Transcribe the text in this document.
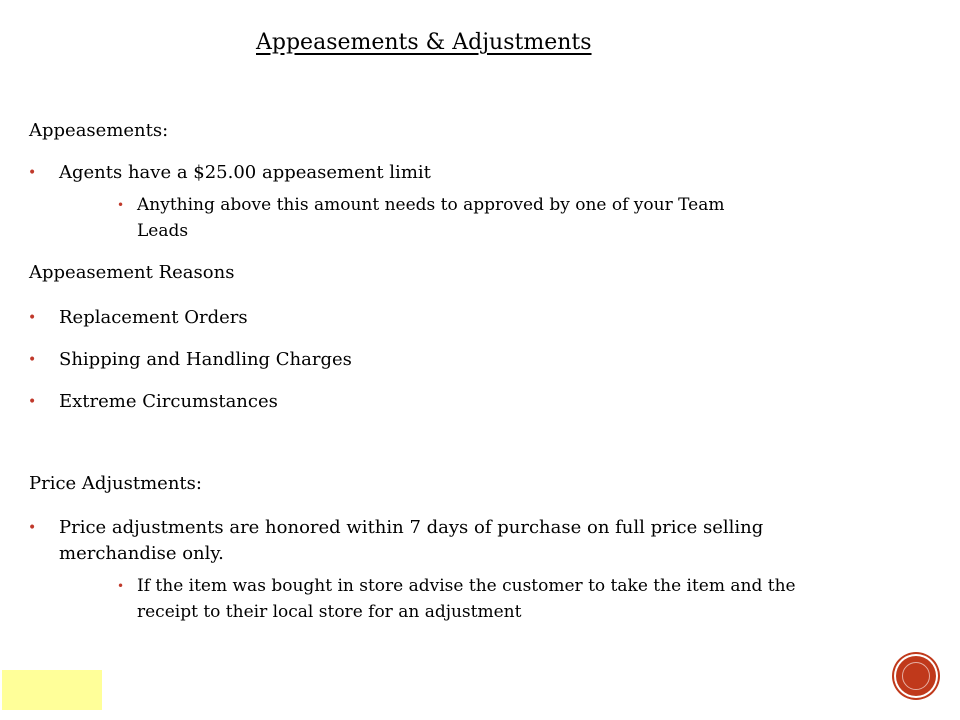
Appeasements & Adjustments
Appeasements:
• Agents have a $25.00 appeasement limit
• Anything above this amount needs to approved by one of your Team Leads
Appeasement Reasons
• Replacement Orders
• Shipping and Handling Charges
• Extreme Circumstances
Price Adjustments:
• Price adjustments are honored within 7 days of purchase on full price selling merchandise only.
• If the item was bought in store advise the customer to take the item and the receipt to their local store for an adjustment
